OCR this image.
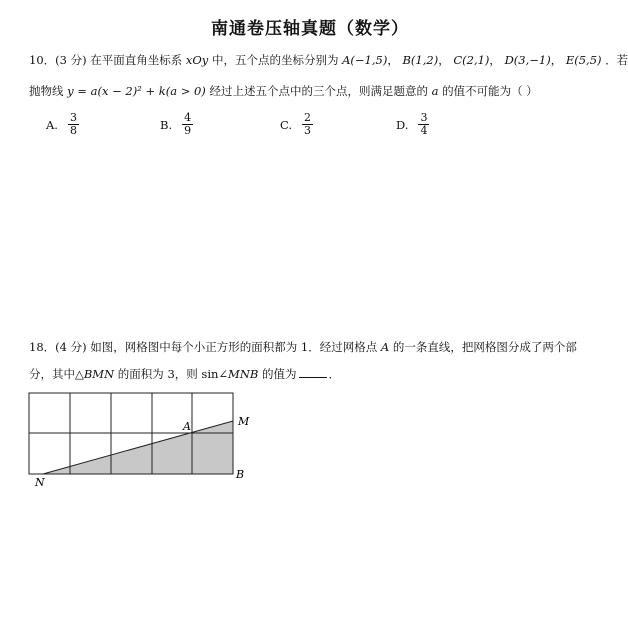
南通卷压轴真题（数学）
10．(3 分) 在平面直角坐标系 xOy 中，五个点的坐标分别为 A(−1,5)， B(1,2)， C(2,1)， D(3,−1)， E(5,5) ．若
抛物线 y = a(x − 2)² + k(a > 0) 经过上述五个点中的三个点，则满足题意的 a 的值不可能为（ ）
A. $\frac{3}{8}$	B. $\frac{4}{9}$	C. $\frac{2}{3}$	D. $\frac{3}{4}$
18．(4 分) 如图，网格图中每个小正方形的面积都为 1．经过网格点 A 的一条直线，把网格图分成了两个部
分，其中△BMN 的面积为 3，则 sin∠MNB 的值为	．
A	M
N
B
